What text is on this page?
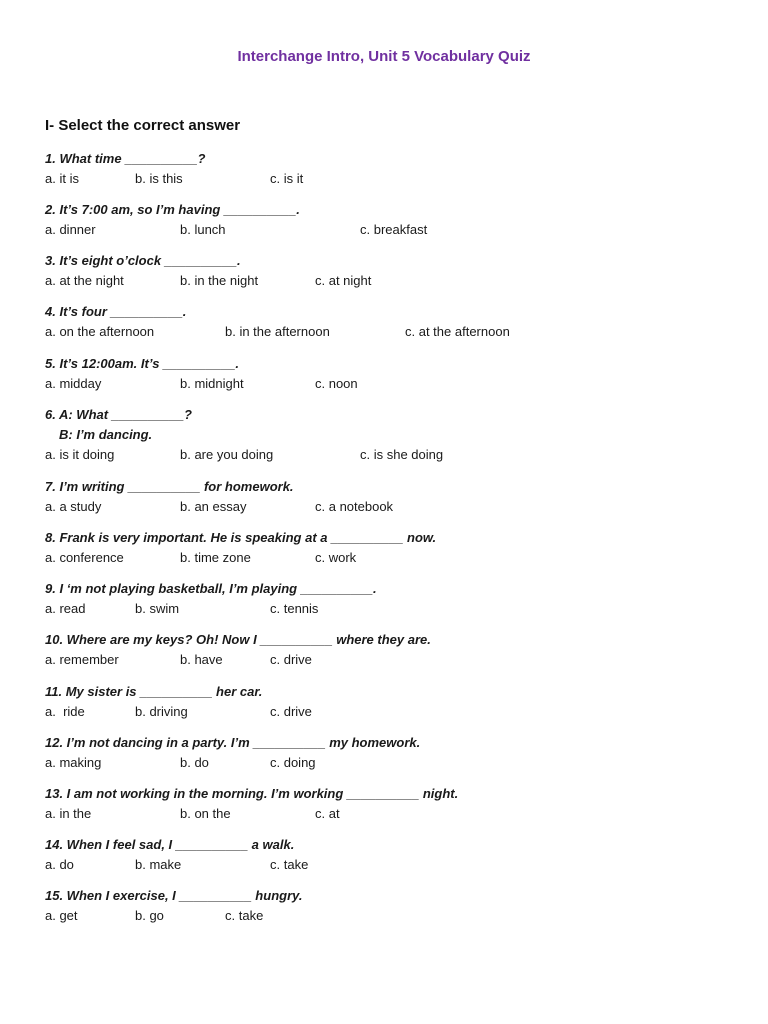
Interchange Intro, Unit 5 Vocabulary Quiz
I- Select the correct answer
1. What time __________?
a. it is	b. is this	c. is it
2. It’s 7:00 am, so I’m having __________.
a. dinner	b. lunch	c. breakfast
3. It’s eight o’clock __________.
a. at the night	b. in the night	c. at night
4. It’s four __________.
a. on the afternoon	b. in the afternoon	c. at the afternoon
5. It’s 12:00am. It’s __________.
a. midday	b. midnight	c. noon
6. A: What __________?
B: I’m dancing.
a. is it doing	b. are you doing	c. is she doing
7. I’m writing __________ for homework.
a. a study	b. an essay	c. a notebook
8. Frank is very important. He is speaking at a __________ now.
a. conference	b. time zone	c. work
9. I ‘m not playing basketball, I’m playing __________.
a. read	b. swim	c. tennis
10. Where are my keys? Oh! Now I __________ where they are.
a. remember	b. have	c. drive
11. My sister is __________ her car.
a.  ride	b. driving	c. drive
12. I’m not dancing in a party. I’m __________ my homework.
a. making	b. do	c. doing
13. I am not working in the morning. I’m working __________ night.
a. in the	b. on the	c. at
14. When I feel sad, I __________ a walk.
a. do	b. make	c. take
15. When I exercise, I __________ hungry.
a. get	b. go	c. take
